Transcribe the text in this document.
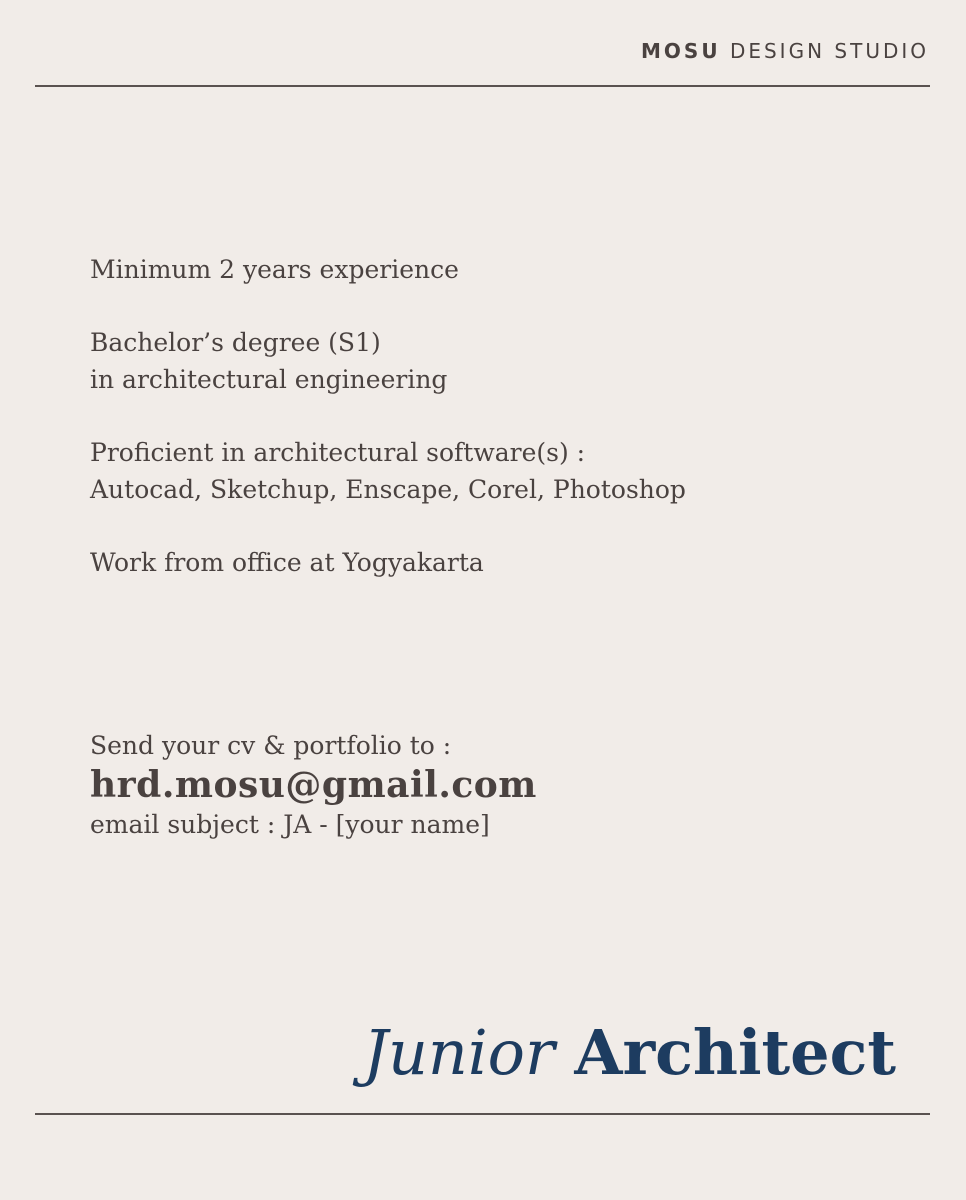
MOSU DESIGN STUDIO
Minimum 2 years experience
Bachelor’s degree (S1)
in architectural engineering
Proficient in architectural software(s) :
Autocad, Sketchup, Enscape, Corel, Photoshop
Work from office at Yogyakarta
Send your cv & portfolio to :
hrd.mosu@gmail.com
email subject : JA - [your name]
Junior Architect
